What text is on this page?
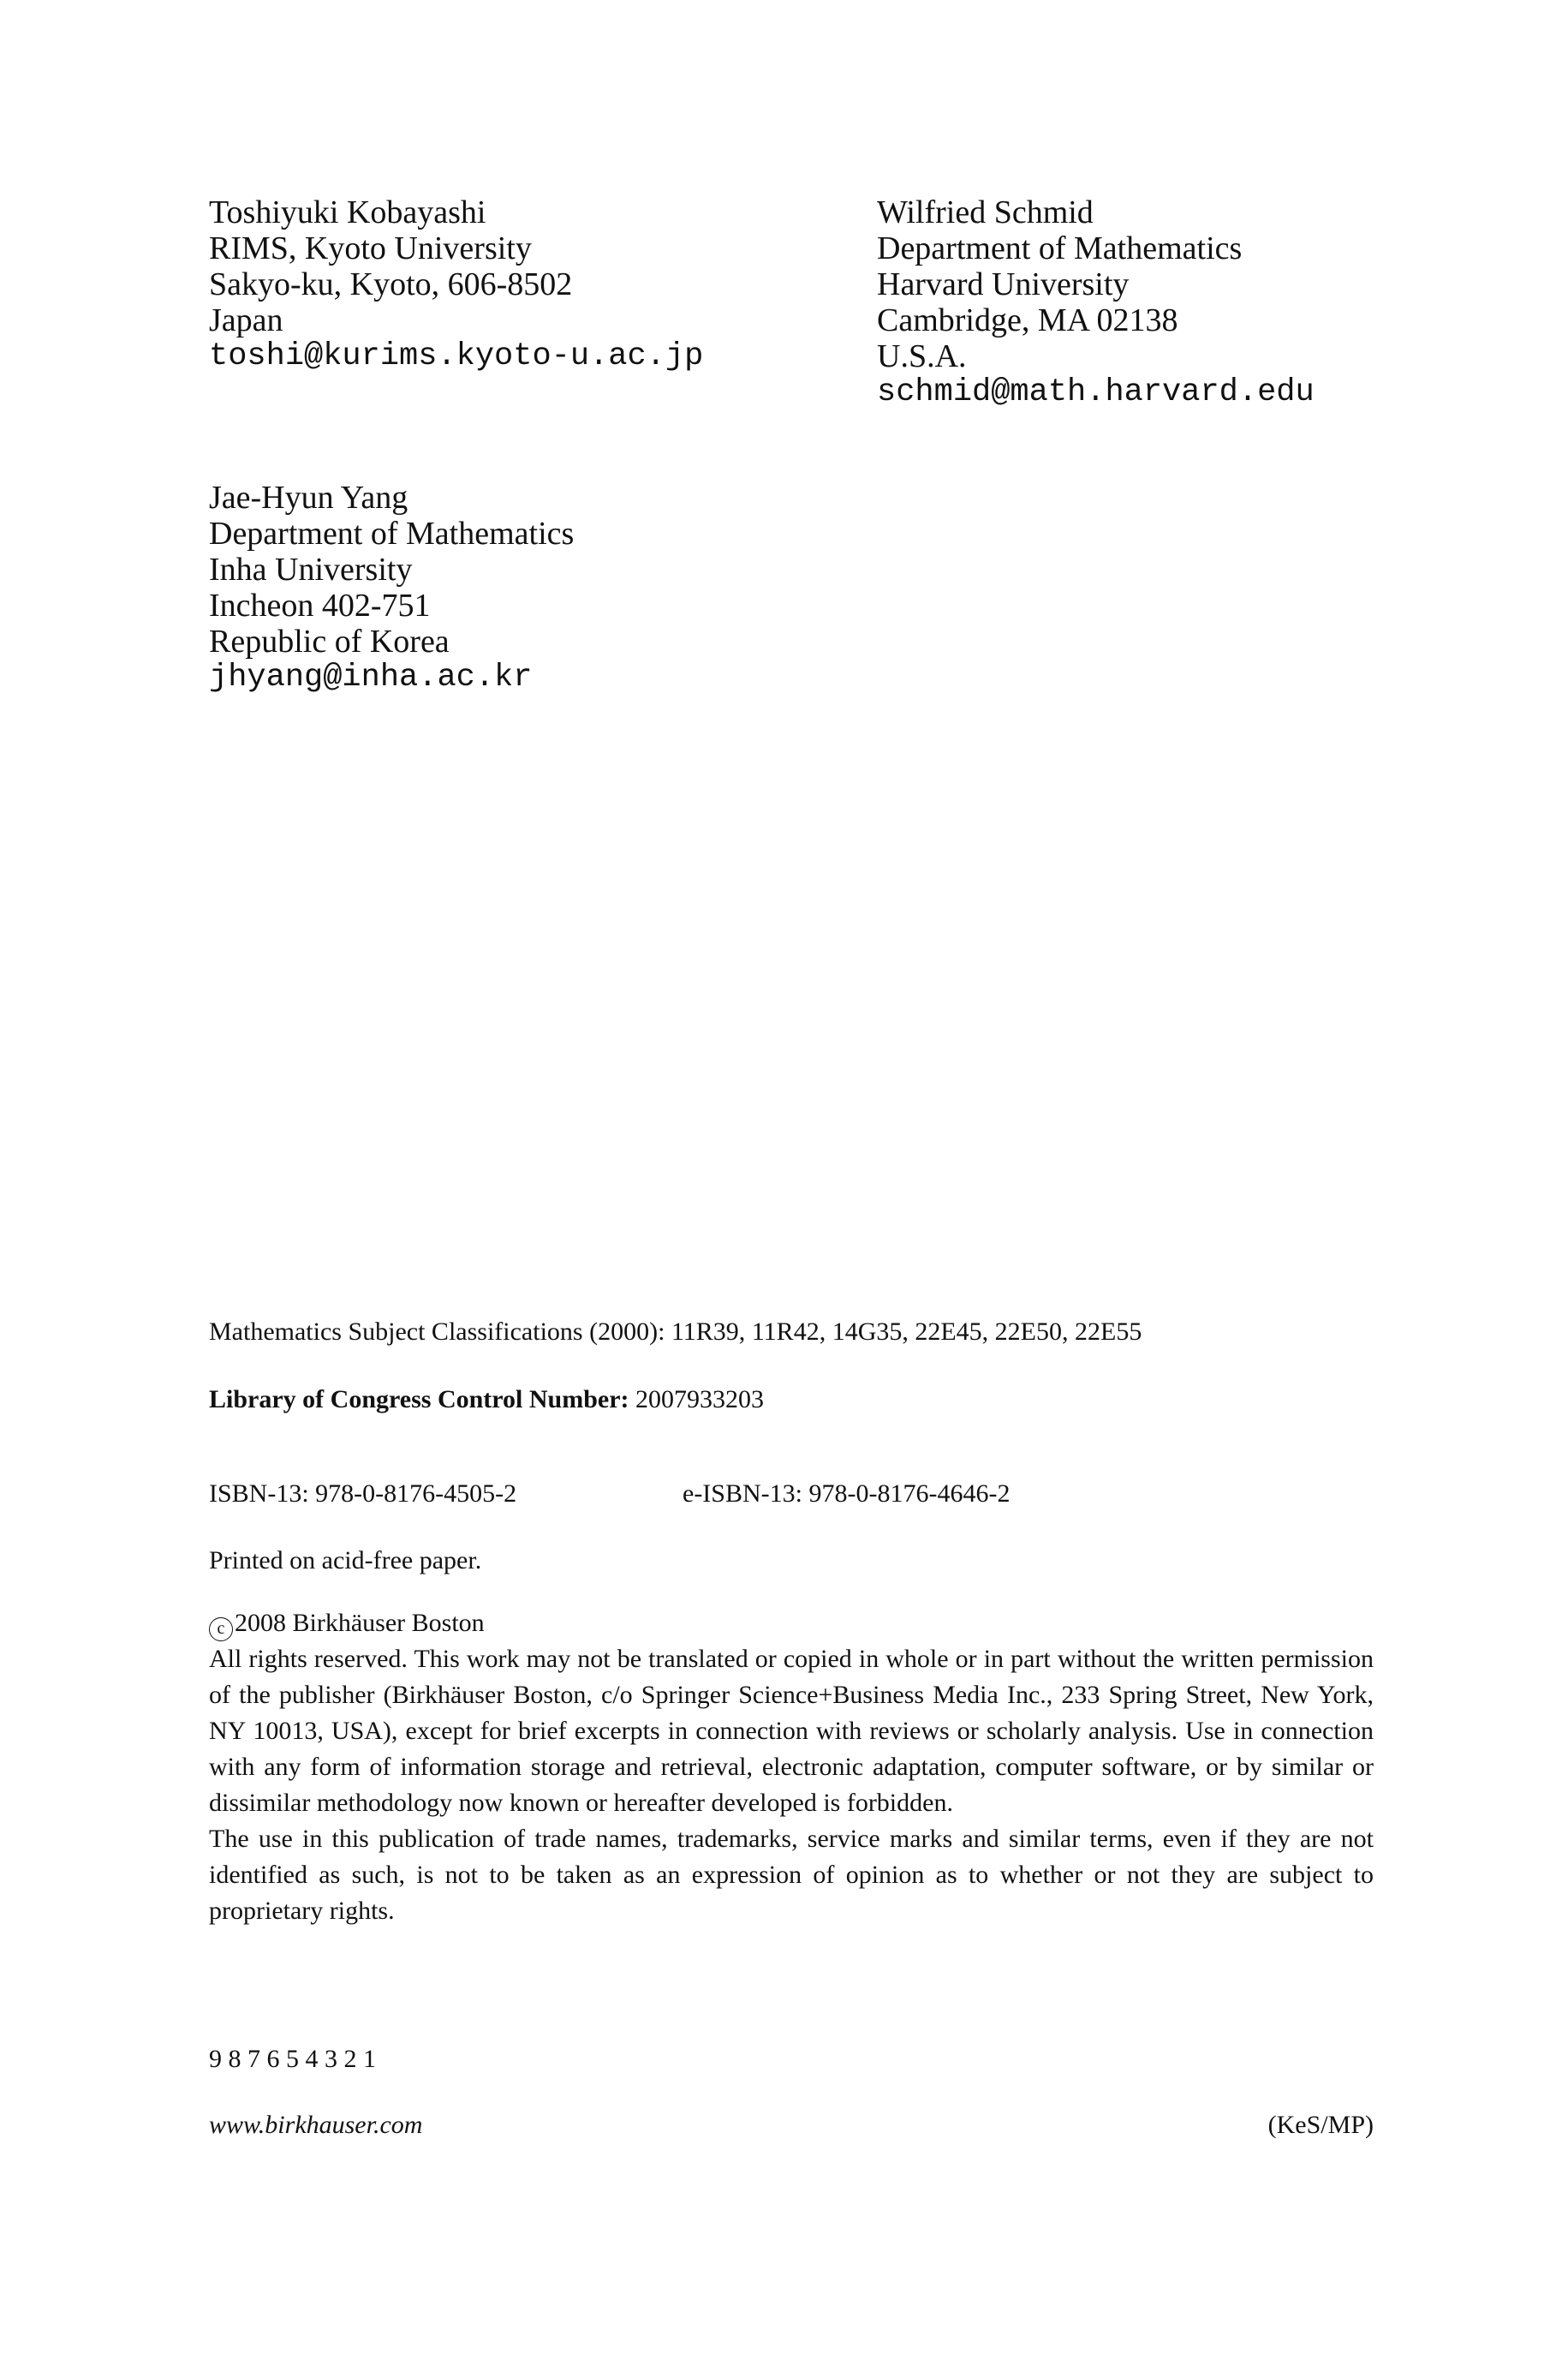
Toshiyuki Kobayashi
RIMS, Kyoto University
Sakyo-ku, Kyoto, 606-8502
Japan
toshi@kurims.kyoto-u.ac.jp
Wilfried Schmid
Department of Mathematics
Harvard University
Cambridge, MA 02138
U.S.A.
schmid@math.harvard.edu
Jae-Hyun Yang
Department of Mathematics
Inha University
Incheon 402-751
Republic of Korea
jhyang@inha.ac.kr
Mathematics Subject Classifications (2000): 11R39, 11R42, 14G35, 22E45, 22E50, 22E55
Library of Congress Control Number: 2007933203
ISBN-13: 978-0-8176-4505-2	e-ISBN-13: 978-0-8176-4646-2
Printed on acid-free paper.
c 2008 Birkhäuser Boston
All rights reserved. This work may not be translated or copied in whole or in part without the written permission of the publisher (Birkhäuser Boston, c/o Springer Science+Business Media Inc., 233 Spring Street, New York, NY 10013, USA), except for brief excerpts in connection with reviews or scholarly analysis. Use in connection with any form of information storage and retrieval, electronic adaptation, computer software, or by similar or dissimilar methodology now known or hereafter developed is forbidden.
The use in this publication of trade names, trademarks, service marks and similar terms, even if they are not identified as such, is not to be taken as an expression of opinion as to whether or not they are subject to proprietary rights.
9 8 7 6 5 4 3 2 1
www.birkhauser.com	(KeS/MP)
